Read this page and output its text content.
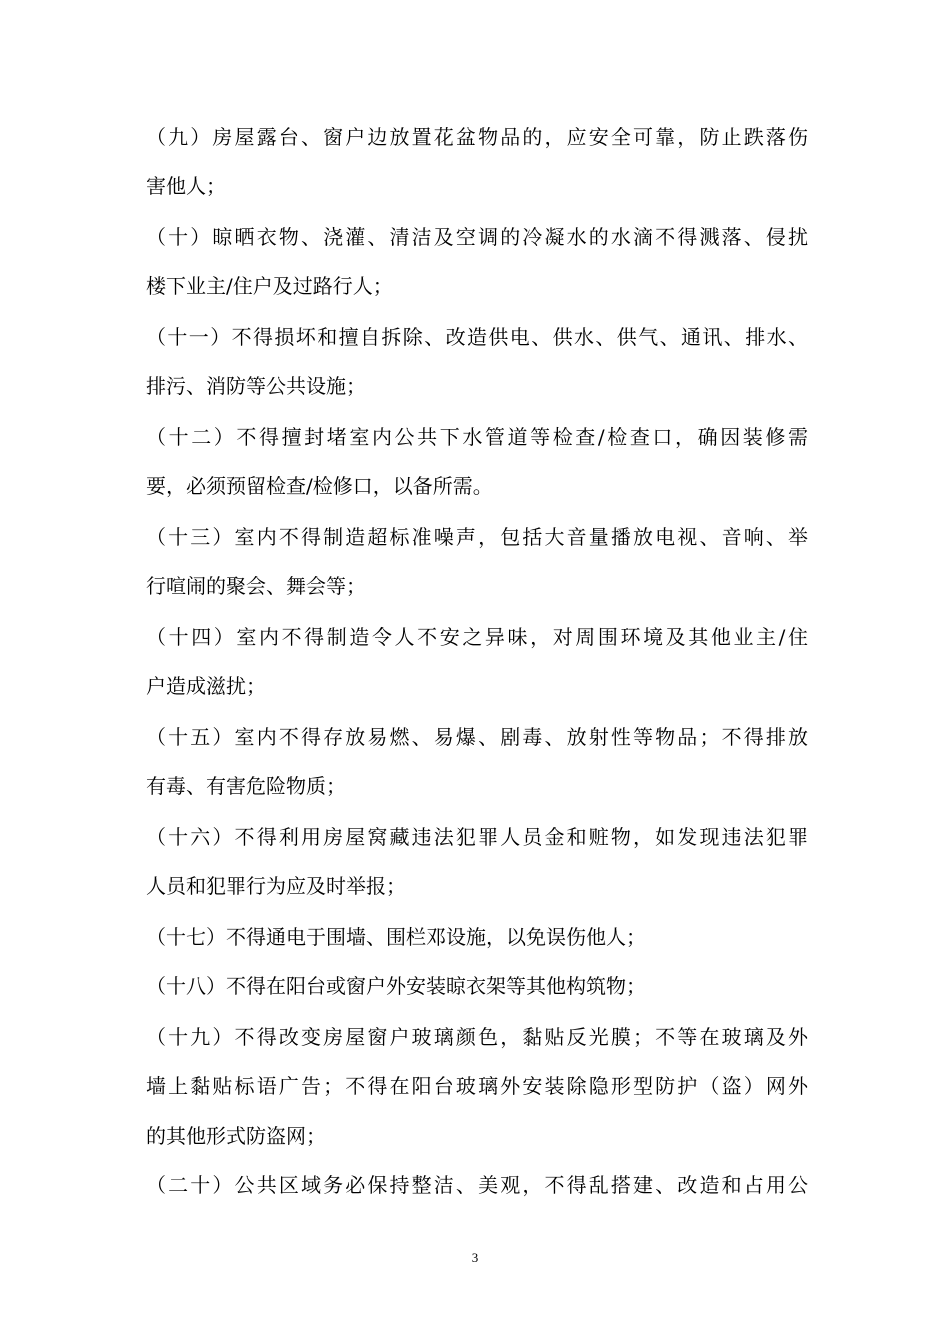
（九）房屋露台、窗户边放置花盆物品的，应安全可靠，防止跌落伤
害他人；
（十）晾晒衣物、浇灌、清洁及空调的冷凝水的水滴不得溅落、侵扰
楼下业主/住户及过路行人；
（十一）不得损坏和擅自拆除、改造供电、供水、供气、通讯、排水、
排污、消防等公共设施；
（十二）不得擅封堵室内公共下水管道等检查/检查口，确因装修需
要，必须预留检查/检修口，以备所需。
（十三）室内不得制造超标准噪声，包括大音量播放电视、音响、举
行喧闹的聚会、舞会等；
（十四）室内不得制造令人不安之异味，对周围环境及其他业主/住
户造成滋扰；
（十五）室内不得存放易燃、易爆、剧毒、放射性等物品；不得排放
有毒、有害危险物质；
（十六）不得利用房屋窝藏违法犯罪人员金和赃物，如发现违法犯罪
人员和犯罪行为应及时举报；
（十七）不得通电于围墙、围栏邓设施，以免误伤他人；
（十八）不得在阳台或窗户外安装晾衣架等其他构筑物；
（十九）不得改变房屋窗户玻璃颜色，黏贴反光膜；不等在玻璃及外
墙上黏贴标语广告；不得在阳台玻璃外安装除隐形型防护（盗）网外
的其他形式防盗网；
（二十）公共区域务必保持整洁、美观，不得乱搭建、改造和占用公
3
